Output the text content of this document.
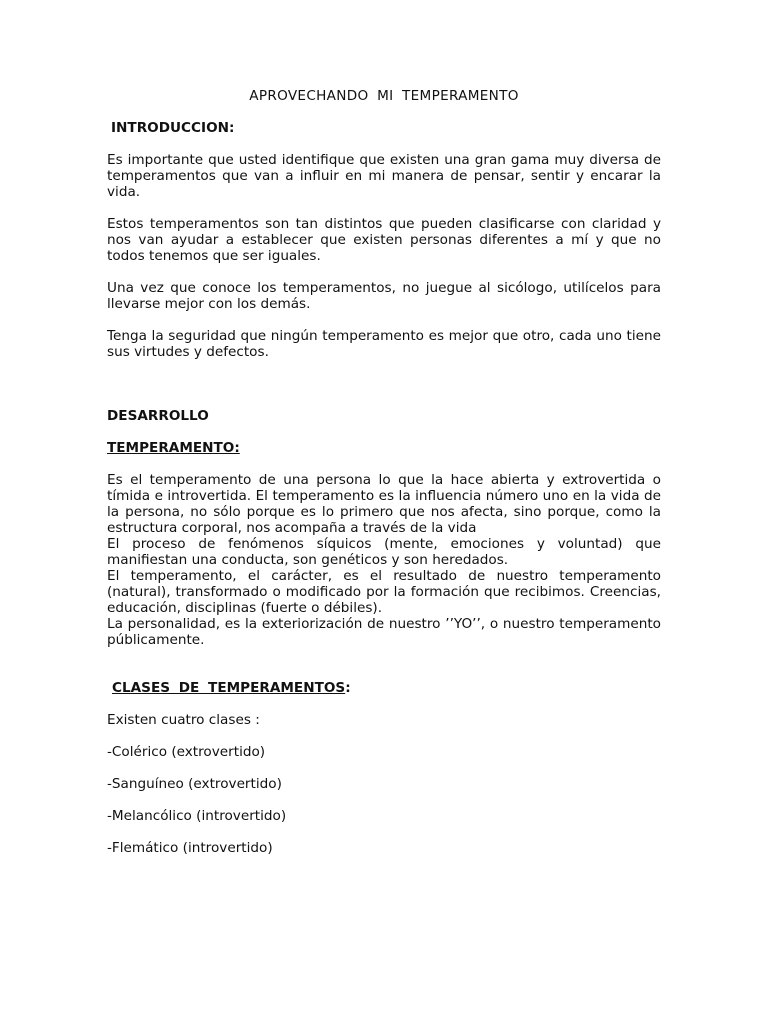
APROVECHANDO MI TEMPERAMENTO
INTRODUCCION:

Es importante que usted identifique que existen una gran gama muy diversa de temperamentos que van a influir en mi manera de pensar, sentir y encarar la vida.

Estos temperamentos son tan distintos que pueden clasificarse con claridad y nos van ayudar a establecer que existen personas diferentes a mí y que no todos tenemos que ser iguales.

Una vez que conoce los temperamentos, no juegue al sicólogo, utilícelos para llevarse mejor con los demás.

Tenga la seguridad que ningún temperamento es mejor que otro, cada uno tiene sus virtudes y defectos.

DESARROLLO
TEMPERAMENTO:

Es el temperamento de una persona lo que la hace abierta y extrovertida o tímida e introvertida. El temperamento es la influencia número uno en la vida de la persona, no sólo porque es lo primero que nos afecta, sino porque, como la estructura corporal, nos acompaña a través de la vida

El proceso de fenómenos síquicos (mente, emociones y voluntad) que manifiestan una conducta, son genéticos y son heredados.

El temperamento, el carácter, es el resultado de nuestro temperamento (natural), transformado o modificado por la formación que recibimos. Creencias, educación, disciplinas (fuerte o débiles).

La personalidad, es la exteriorización de nuestro ’’YO’’, o nuestro temperamento públicamente.

CLASES DE TEMPERAMENTOS:
Existen cuatro clases :
-Colérico (extrovertido)
-Sanguíneo (extrovertido)
-Melancólico (introvertido)
-Flemático (introvertido)
